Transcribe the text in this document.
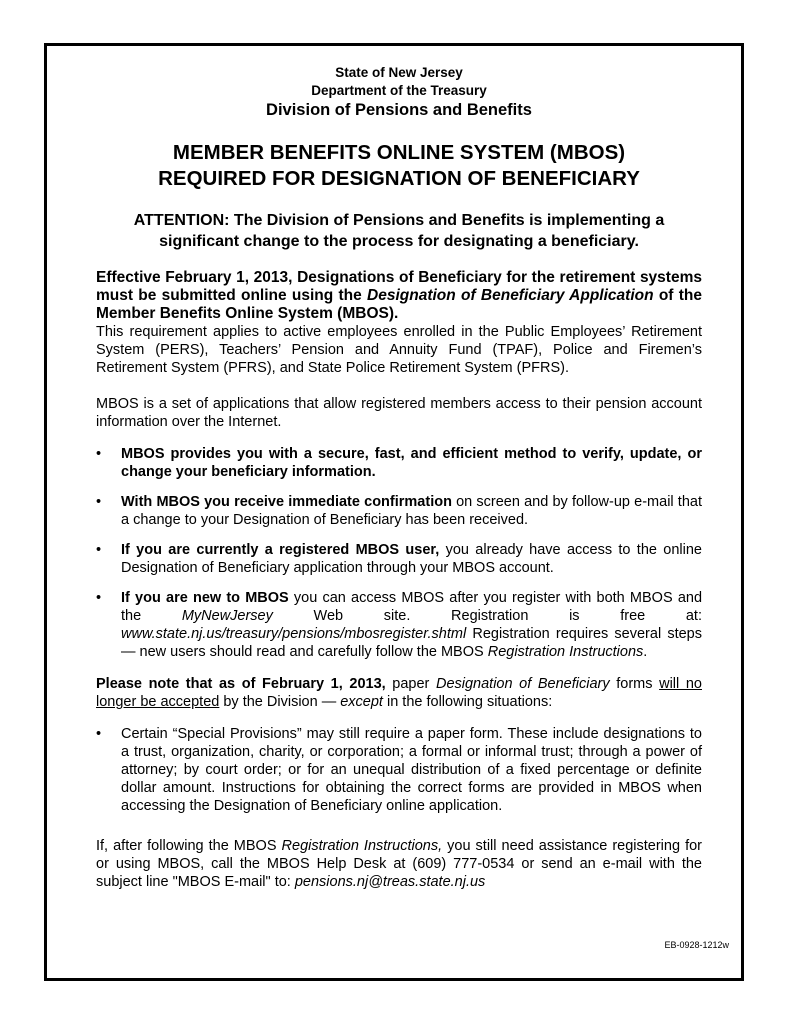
State of New Jersey
Department of the Treasury
Division of Pensions and Benefits
MEMBER BENEFITS ONLINE SYSTEM (MBOS)
REQUIRED FOR DESIGNATION OF BENEFICIARY
ATTENTION: The Division of Pensions and Benefits is implementing a
significant change to the process for designating a beneficiary.
Effective February 1, 2013, Designations of Beneficiary for the retirement systems must be submitted online using the Designation of Beneficiary Application of the Member Benefits Online System (MBOS).

This requirement applies to active employees enrolled in the Public Employees’ Retirement System (PERS), Teachers’ Pension and Annuity Fund (TPAF), Police and Firemen’s Retirement System (PFRS), and State Police Retirement System (PFRS).

MBOS is a set of applications that allow registered members access to their pension account information over the Internet.

• MBOS provides you with a secure, fast, and efficient method to verify, update, or change your beneficiary information.
• With MBOS you receive immediate confirmation on screen and by follow-up e-mail that a change to your Designation of Beneficiary has been received.
• If you are currently a registered MBOS user, you already have access to the online Designation of Beneficiary application through your MBOS account.
• If you are new to MBOS you can access MBOS after you register with both MBOS and the MyNewJersey Web site. Registration is free at: www.state.nj.us/treasury/pensions/mbosregister.shtml Registration requires several steps — new users should read and carefully follow the MBOS Registration Instructions.

Please note that as of February 1, 2013, paper Designation of Beneficiary forms will no longer be accepted by the Division — except in the following situations:

• Certain “Special Provisions” may still require a paper form. These include designations to a trust, organization, charity, or corporation; a formal or informal trust; through a power of attorney; by court order; or for an unequal distribution of a fixed percentage or definite dollar amount. Instructions for obtaining the correct forms are provided in MBOS when accessing the Designation of Beneficiary online application.

If, after following the MBOS Registration Instructions, you still need assistance registering for or using MBOS, call the MBOS Help Desk at (609) 777-0534 or send an e-mail with the subject line "MBOS E-mail" to: pensions.nj@treas.state.nj.us

EB-0928-1212w
